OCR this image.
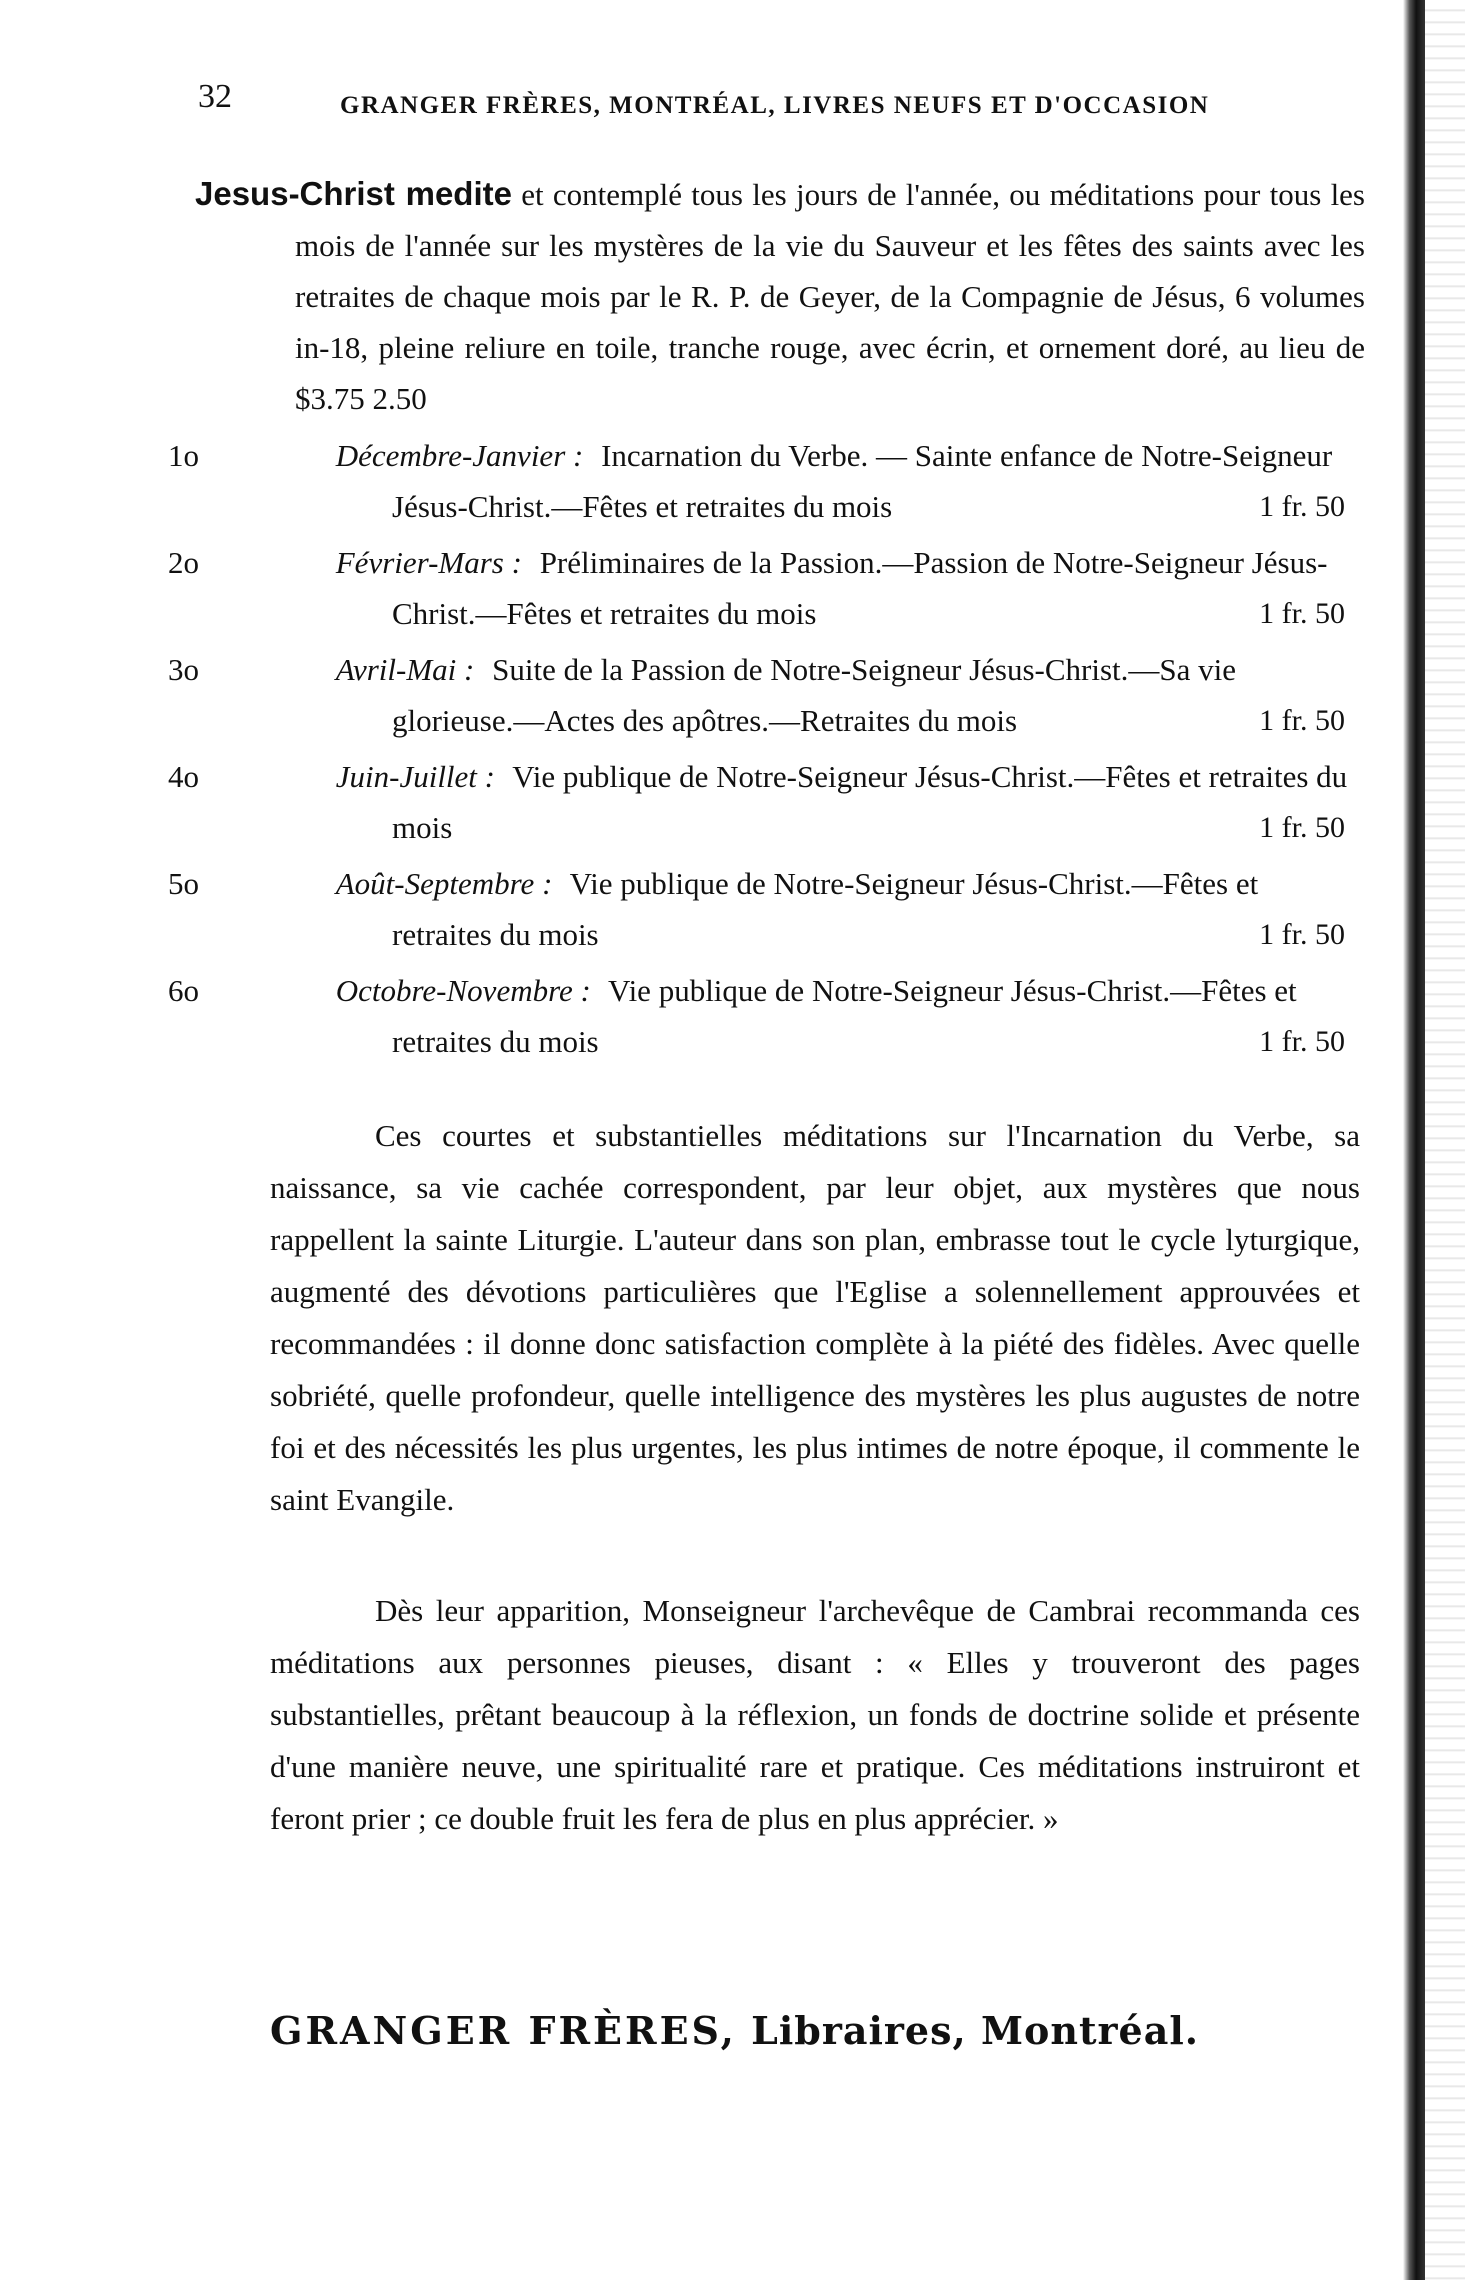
32	GRANGER FRÈRES, MONTRÉAL, LIVRES NEUFS ET D'OCCASION

Jesus-Christ medite et contemplé tous les jours de l'année, ou méditations pour tous les mois de l'année sur les mystères de la vie du Sauveur et les fêtes des saints avec les retraites de chaque mois par le R. P. de Geyer, de la Compagnie de Jésus, 6 volumes in-18, pleine reliure en toile, tranche rouge, avec écrin, et ornement doré, au lieu de $3.75 2.50

1o	Décembre-Janvier : Incarnation du Verbe. — Sainte enfance de Notre-Seigneur Jésus-Christ.—Fêtes et retraites du mois	1 fr. 50
2o	Février-Mars : Préliminaires de la Passion.—Passion de Notre-Seigneur Jésus-Christ.—Fêtes et retraites du mois	1 fr. 50
3o	Avril-Mai : Suite de la Passion de Notre-Seigneur Jésus-Christ.—Sa vie glorieuse.—Actes des apôtres.—Retraites du mois	1 fr. 50
4o	Juin-Juillet : Vie publique de Notre-Seigneur Jésus-Christ.—Fêtes et retraites du mois	1 fr. 50
5o	Août-Septembre : Vie publique de Notre-Seigneur Jésus-Christ.—Fêtes et retraites du mois	1 fr. 50
6o	Octobre-Novembre : Vie publique de Notre-Seigneur Jésus-Christ.—Fêtes et retraites du mois	1 fr. 50

Ces courtes et substantielles méditations sur l'Incarnation du Verbe, sa naissance, sa vie cachée correspondent, par leur objet, aux mystères que nous rappellent la sainte Liturgie. L'auteur dans son plan, embrasse tout le cycle lyturgique, augmenté des dévotions particulières que l'Eglise a solennellement approuvées et recommandées : il donne donc satisfaction complète à la piété des fidèles. Avec quelle sobriété, quelle profondeur, quelle intelligence des mystères les plus augustes de notre foi et des nécessités les plus urgentes, les plus intimes de notre époque, il commente le saint Evangile.

Dès leur apparition, Monseigneur l'archevêque de Cambrai recommanda ces méditations aux personnes pieuses, disant : « Elles y trouveront des pages substantielles, prêtant beaucoup à la réflexion, un fonds de doctrine solide et présente d'une manière neuve, une spiritualité rare et pratique. Ces méditations instruiront et feront prier ; ce double fruit les fera de plus en plus apprécier. »

GRANGER FRÈRES, Libraires, Montréal.
